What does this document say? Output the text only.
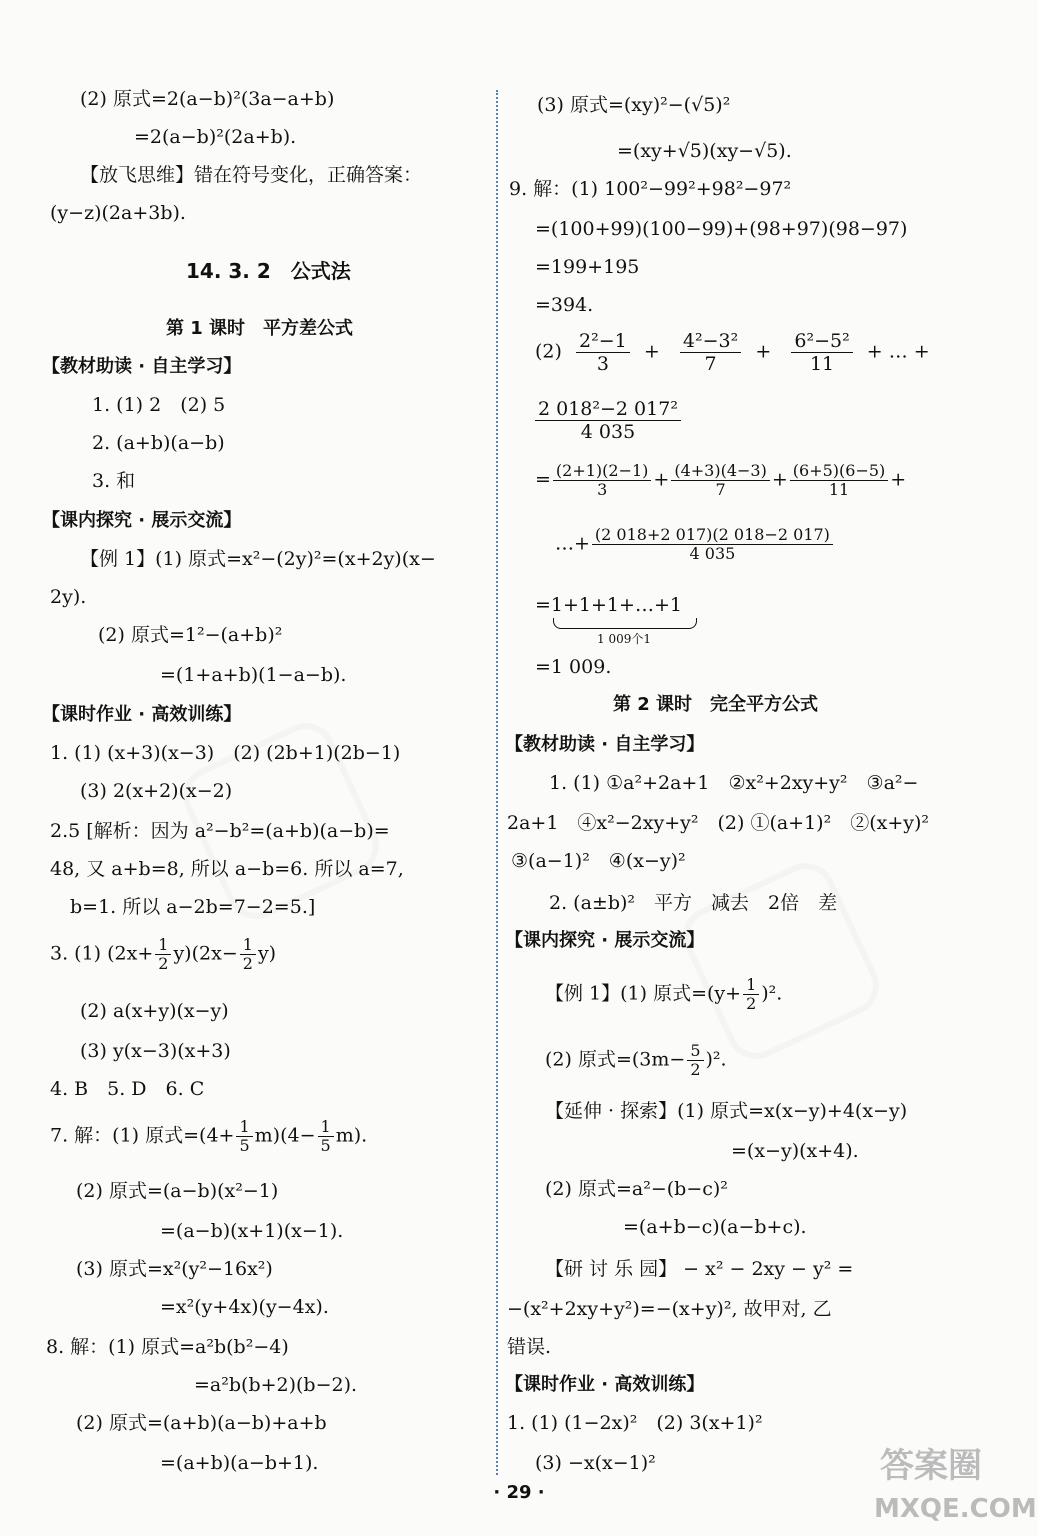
(2) 原式=2(a−b)²(3a−a+b)
=2(a−b)²(2a+b).
【放飞思维】错在符号变化，正确答案：
(y−z)(2a+3b).
14. 3. 2　公式法
第 1 课时　平方差公式
【教材助读 · 自主学习】
1. (1) 2　(2) 5
2. (a+b)(a−b)
3. 和
【课内探究 · 展示交流】
【例 1】(1) 原式=x²−(2y)²=(x+2y)(x−
2y).
(2) 原式=1²−(a+b)²
=(1+a+b)(1−a−b).
【课时作业 · 高效训练】
1. (1) (x+3)(x−3)　(2) (2b+1)(2b−1)
(3) 2(x+2)(x−2)
2.5 [解析：因为 a²−b²=(a+b)(a−b)=
48, 又 a+b=8, 所以 a−b=6. 所以 a=7,
b=1. 所以 a−2b=7−2=5.]
3. (1) $(2x+ \frac{1}{2} y)(2x- \frac{1}{2} y)$
(2) a(x+y)(x−y)
(3) y(x−3)(x+3)
4. B　5. D　6. C
7. 解：(1) 原式$=(4+ \frac{1}{5} m)(4- \frac{1}{5} m)$.
(2) 原式=(a−b)(x²−1)
=(a−b)(x+1)(x−1).
(3) 原式=x²(y²−16x²)
=x²(y+4x)(y−4x).
8. 解：(1) 原式=a²b(b²−4)
=a²b(b+2)(b−2).
(2) 原式=(a+b)(a−b)+a+b
=(a+b)(a−b+1).
(3) 原式=(xy)²−(√5)²
=(xy+√5)(xy−√5).
9. 解：(1) 100²−99²+98²−97²
=(100+99)(100−99)+(98+97)(98−97)
=199+195
=394.
$(2) \frac{\text{2²−1}}{3} + \frac{\text{4²−3²}}{7} + \frac{\text{6²−5²}}{11}$ + … +
$\frac{\text{2 018²−2 017²}}{4 035}$
= $\frac{(2+1)(2-1)}{3} + \frac{(4+3)(4-3)}{7} + \frac{(6+5)(6-5)}{11}$ +
…+ $\frac{(2 018+2 017)(2 018-2 017)}{4 035}$
=1+1+1+…+1
1 009个1
=1 009.
第 2 课时　完全平方公式
【教材助读 · 自主学习】
1. (1) ①a²+2a+1　②x²+2xy+y²　③a²−
2a+1　④x²−2xy+y²　(2) ①(a+1)²　②(x+y)²
③(a−1)²　④(x−y)²
2. (a±b)²　平方　减去　2倍　差
【课内探究 · 展示交流】
【例 1】(1) 原式$=(y+ \frac{1}{2} )^2$.
(2) 原式$=(3m- \frac{5}{2} )^2$.
【延伸 · 探索】(1) 原式=x(x−y)+4(x−y)
=(x−y)(x+4).
(2) 原式=a²−(b−c)²
=(a+b−c)(a−b+c).
【研 讨 乐 园】 − x² − 2xy − y² =
−(x²+2xy+y²)=−(x+y)², 故甲对, 乙
错误.
【课时作业 · 高效训练】
1. (1) (1−2x)²　(2) 3(x+1)²
(3) −x(x−1)²
· 29 ·
答案圈
MXQE.COM
